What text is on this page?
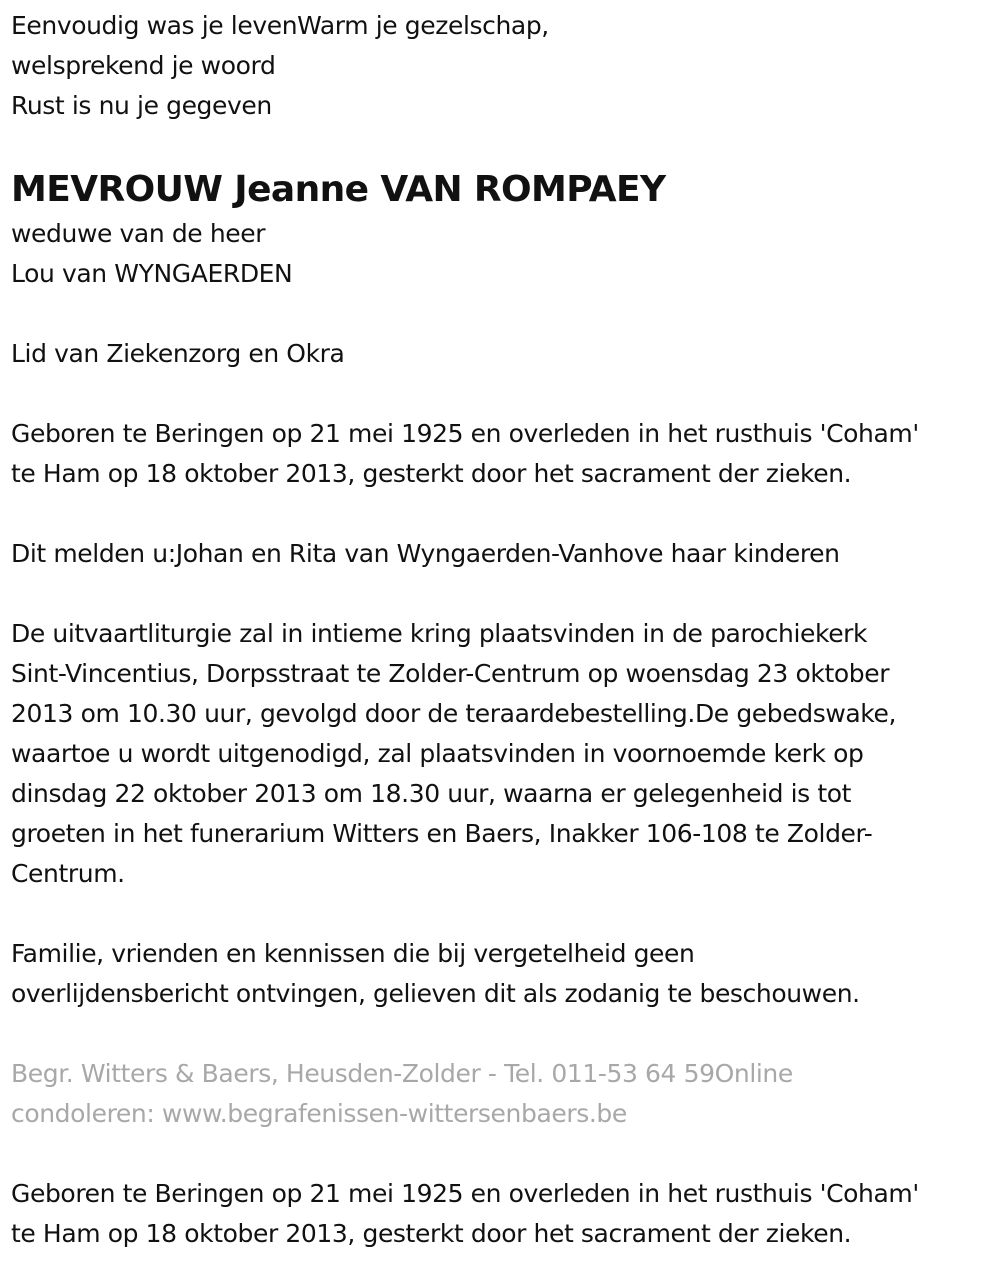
Eenvoudig was je levenWarm je gezelschap,
welsprekend je woord
Rust is nu je gegeven
MEVROUW Jeanne VAN ROMPAEY
weduwe van de heer
Lou van WYNGAERDEN
Lid van Ziekenzorg en Okra
Geboren te Beringen op 21 mei 1925 en overleden in het rusthuis 'Coham'
te Ham op 18 oktober 2013, gesterkt door het sacrament der zieken.
Dit melden u:Johan en Rita van Wyngaerden-Vanhove haar kinderen
De uitvaartliturgie zal in intieme kring plaatsvinden in de parochiekerk
Sint-Vincentius, Dorpsstraat te Zolder-Centrum op woensdag 23 oktober
2013 om 10.30 uur, gevolgd door de teraardebestelling.De gebedswake,
waartoe u wordt uitgenodigd, zal plaatsvinden in voornoemde kerk op
dinsdag 22 oktober 2013 om 18.30 uur, waarna er gelegenheid is tot
groeten in het funerarium Witters en Baers, Inakker 106-108 te Zolder-
Centrum.
Familie, vrienden en kennissen die bij vergetelheid geen
overlijdensbericht ontvingen, gelieven dit als zodanig te beschouwen.
Begr. Witters & Baers, Heusden-Zolder - Tel. 011-53 64 59Online
condoleren: www.begrafenissen-wittersenbaers.be
Geboren te Beringen op 21 mei 1925 en overleden in het rusthuis 'Coham'
te Ham op 18 oktober 2013, gesterkt door het sacrament der zieken.
